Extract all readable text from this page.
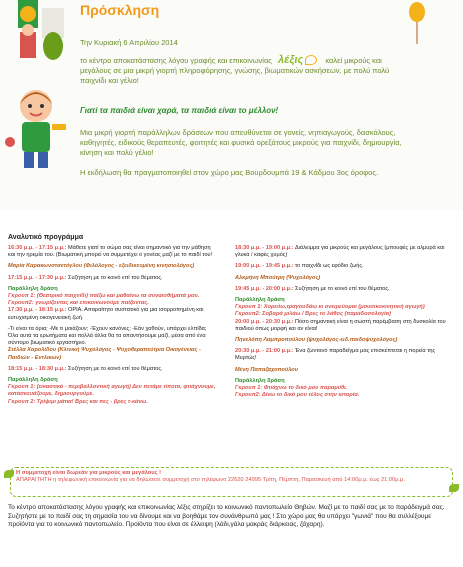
Πρόσκληση
Την Κυριακή 6 Απριλίου 2014
το κέντρο αποκατάστασης λόγου γραφής και επικοινωνίας λέξις	καλεί μικρούς και μεγάλους σε μια μικρή γιορτή πληροφόρησης, γνώσης, βιωματικών ασκήσεων, με πολύ πολύ παιχνίδι και γέλιο!
Γιατί τα παιδιά είναι χαρά, τα παιδιά είναι το μέλλον!
Μια μικρή γιορτή παράλληλων δράσεων που απευθύνεται σε γονείς, νηπιαγωγούς, δασκάλους, καθηγητές, ειδικούς θεραπευτές, φοιτητές και φυσικά ορεξάτους μικρούς για παιχνίδι, δημιουργία, κίνηση και πολύ γέλιο!
Η εκδήλωση θα πραγματοποιηθεί στον χώρο μας Βουρδουμπά 19 & Κάδμου 3ος όροφος.
Αναλυτικό προγράμμα
16:30 μ.μ. - 17:15 μ.μ.: Μάθετε γιατί το σώμα σας είναι σημαντικό για την μάθηση και την ηρεμία του. (Βιωματική μπορεί να συμμετέχει ο γονέας μαζί με το παιδί του!
Μαρία Καρακωνσταντόγλου (Φιλόλογος - εξειδικευμένη κινησιολόγος)
17:15 μ.μ. - 17:30 μ.μ.: Συζήτηση με το κοινό επί του θέματος.
Παράλληλη δράση
Γκρουπ 1: (Θεατρικό παιχνίδι) παίζω και μαθαίνω τα συναισθήματά μου.
Γκρουπ2: γνωρίζοντας και επικοινωνούμε παίζοντας.
17:30 μ.μ. - 18:15 μ.μ.: ΟΡΙΑ. Απαραίτητο συστατικό για μια ισορροπημένη και ευτυχισμένη οικογενειακή ζωή.
-Τι είναι τα όρια; -Με τι μοιάζουν; -Έχουν κανόνες; -Εάν χαθούν, υπάρχει ελπίδα;
Όλα αυτά τα ερωτήματα και πολλά άλλα θα τα απαντήσουμε μαζί, μέσα από ένα σύντομο βιωματικό εργαστήριο.
Στέλλα Χαρολίδου (Κλινική Ψυχολόγος - Ψυχοθεραπεύτρια Οικογένειας - Παιδιών - Εντλικων)
18:15 μ.μ. - 18:30 μ.μ.: Συζήτηση με το κοινό επί του θέματος.
Παράλληλη δράση
Γκρουπ 1: (εικαστικό - περιβαλλοντική αγωγή) Δεν πετάμε τίποτα, φτιάχνουμε, κατασκευάζουμε, δημιουργούμε.
Γκρουπ 2: Τρίψιμι μάτια! Βρες και πες - βρες τ-κάνω.
18:30 μ.μ. - 19:00 μ.μ.: Διάλειμμα για μικρούς και μεγάλους (μπουφές με αλμυρά και γλυκά / καφές χυμός)
19:00 μ.μ. - 19:45 μ.μ.: το παιχνίδι ως εφόδιο ζωής.
Αλκμήνη Μπούτρη (Ψυχολόγος)
19:45 μ.μ. - 20:00 μ.μ.: Συζήτηση με το κοινό επί του θέματος.
Παράλληλη δράση
Γκρουπ 1: Χορεύω,τραγουδάω κι ονειρεύομαι (μουσικοκινητική αγωγή)
Γκρουπ2: Σοβαρά μιλάω / Βρες το λάθος (παραδοσολογία)
20:00 μ.μ. - 20:30 μ.μ.: Πόσο σημαντική είναι η σωστή παρέμβαση στη δυσκολία του παιδιού όπως μορφή και αν είναι!
Πηνελόπη Λαμπροπούλου (ψυχολόγος-ειδ.παιδοψυχολόγος)
20:30 μ.μ. - 21:00 μ.μ.: Ένα ζωντανό παραδείγμα μας επισκέπτεται η πορεία της Μυρτώς!
Μένη Παπαζαχοπούλου
Παράλληλη δράση
Γκρουπ 1: Φτιάχνω το δικό μου παραμύθι.
Γκρουπ2: Δίνω το δικό μου τέλος στην ιστορία.
Η συμμετοχή είναι δωρεάν για μικρούς και μεγάλους !
ΑΠΑΡΑΙΤΗΤΗ η τηλεφωνική επικοινωνία για να δηλώσετε συμμετοχή στο τηλέφωνο 22620 24995 Τρίτη, Πέμπτη, Παρασκευή από 14:00μ.μ. έως 21:00μ.μ.
Το κέντρο αποκατάστασης λόγου γραφής και επικοινωνίας λέξις στηρίζει το κοινωνικό παντοπωλείο Θηβών. Μαζί με το παιδί σας με το παράδειγμά σας. Συζητήστε με το παιδί σας τη σημασία του να δίνουμε και να βοηθάμε τον συνάνθρωπό μας ! Στο χώρο μας θα υπάρχει "γωνιά" που θα συλλέξουμε προϊόντα για το κοινωνικό παντοπωλείο. Προϊόντα που είναι σε έλλειψη (λάδι,γάλα μακράς διάρκειας, ζάχαρη).
